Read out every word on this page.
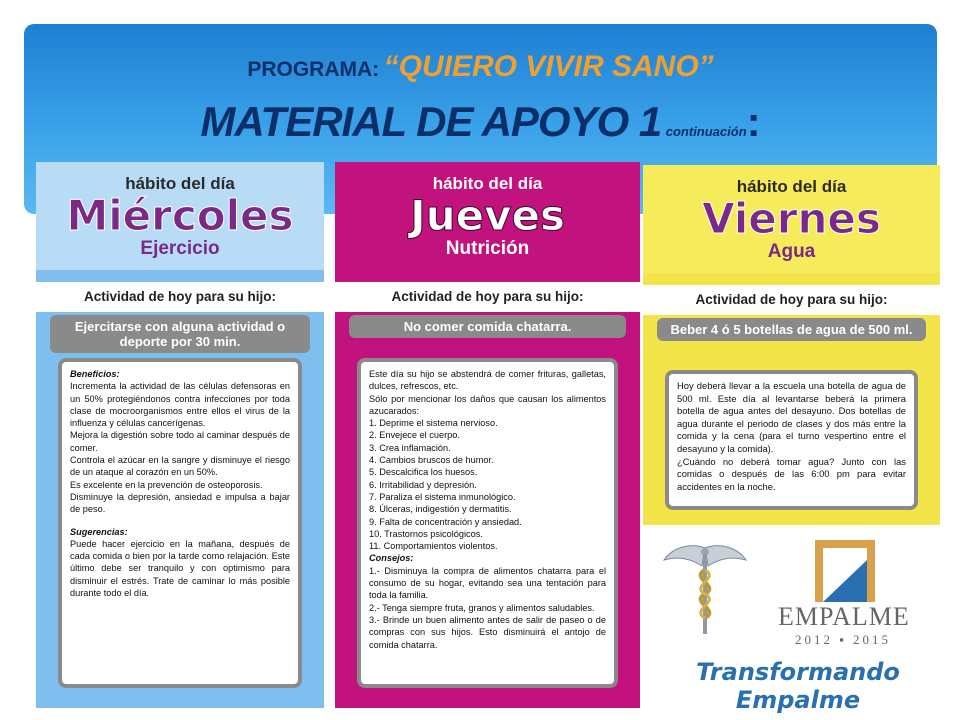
PROGRAMA: “QUIERO VIVIR SANO”
MATERIAL DE APOYO 1 continuación:
hábito del día
Miércoles
Ejercicio
Actividad de hoy para su hijo:
Ejercitarse con alguna actividad o deporte por 30 min.
Beneficios:
Incrementa la actividad de las células defensoras en un 50% protegiéndonos contra infecciones por toda clase de mocroorganismos entre ellos el virus de la influenza y células cancerígenas.
Mejora la digestión sobre todo al caminar después de comer.
Controla el azúcar en la sangre y disminuye el riesgo de un ataque al corazón en un 50%.
Es excelente en la prevención de osteoporosis.
Disminuye la depresión, ansiedad e impulsa a bajar de peso.
Sugerencias:
Puede hacer ejercicio en la mañana, después de cada comida o bien por la tarde como relajación. Este último debe ser tranquilo y con optimismo para disminuir el estrés. Trate de caminar lo más posible durante todo el día.
hábito del día
Jueves
Nutrición
Actividad de hoy para su hijo:
No comer comida chatarra.
Este día su hijo se abstendrá de comer frituras, galletas, dulces, refrescos, etc.
Sólo por mencionar los daños que causan los alimentos azucarados:
1. Deprime el sistema nervioso.
2. Envejece el cuerpo.
3. Crea inflamación.
4. Cambios bruscos de humor.
5. Descalcifica los huesos.
6. Irritabilidad y depresión.
7. Paraliza el sistema inmunológico.
8. Úlceras, indigestión y dermatitis.
9. Falta de concentración y ansiedad.
10. Trastornos psicológicos.
11. Comportamientos violentos.
Consejos:
1.- Disminuya la compra de alimentos chatarra para el consumo de su hogar, evitando sea una tentación para toda la familia.
2.- Tenga siempre fruta, granos y alimentos saludables.
3.- Brinde un buen alimento antes de salir de paseo o de compras con sus hijos. Esto disminuirá el antojo de comida chatarra.
hábito del día
Viernes
Agua
Actividad de hoy para su hijo:
Beber 4 ó 5 botellas de agua de 500 ml.
Hoy deberá llevar a la escuela una botella de agua de 500 ml. Este día al levantarse beberá la primera botella de agua antes del desayuno. Dos botellas de agua durante el periodo de clases y dos más entre la comida y la cena (para el turno vespertino entre el desayuno y la comida).
¿Cuándo no deberá tomar agua? Junto con las comidas o después de las 6:00 pm para evitar accidentes en la noche.
EMPALME
2012 ▪ 2015
Transformando Empalme
